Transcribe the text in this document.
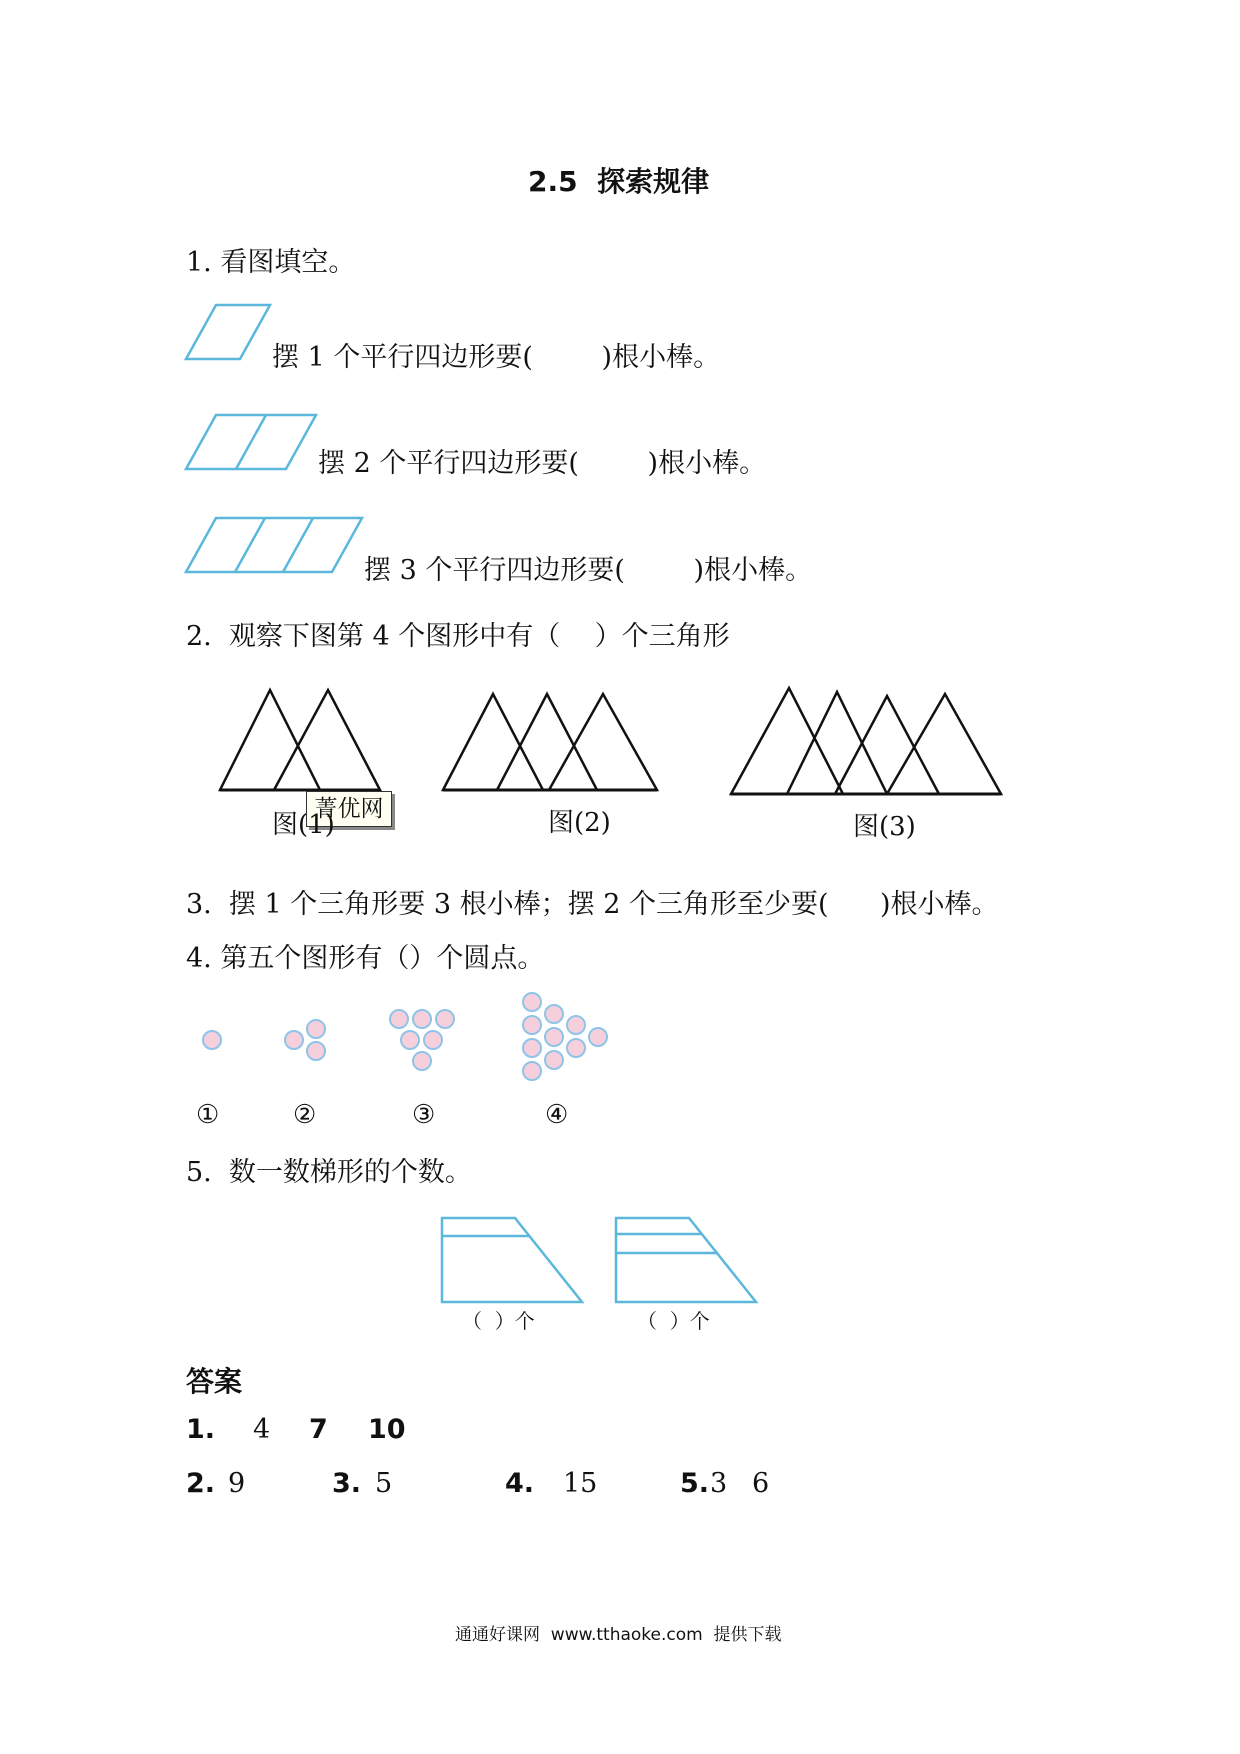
2.5  探索规律
1. 看图填空。
摆 1 个平行四边形要(        )根小棒。
摆 2 个平行四边形要(        )根小棒。
摆 3 个平行四边形要(        )根小棒。
2.  观察下图第 4 个图形中有（    ）个三角形
菁优网
图(1)	图(2)	图(3)
3.  摆 1 个三角形要 3 根小棒；摆 2 个三角形至少要(      )根小棒。
4. 第五个图形有（）个圆点。
①	②	③	④
5.  数一数梯形的个数。
（  ）个	（  ）个
答案
1. 4 7 10
2. 9	3. 5	4. 15	5. 3 6
通通好课网  www.tthaoke.com  提供下载
